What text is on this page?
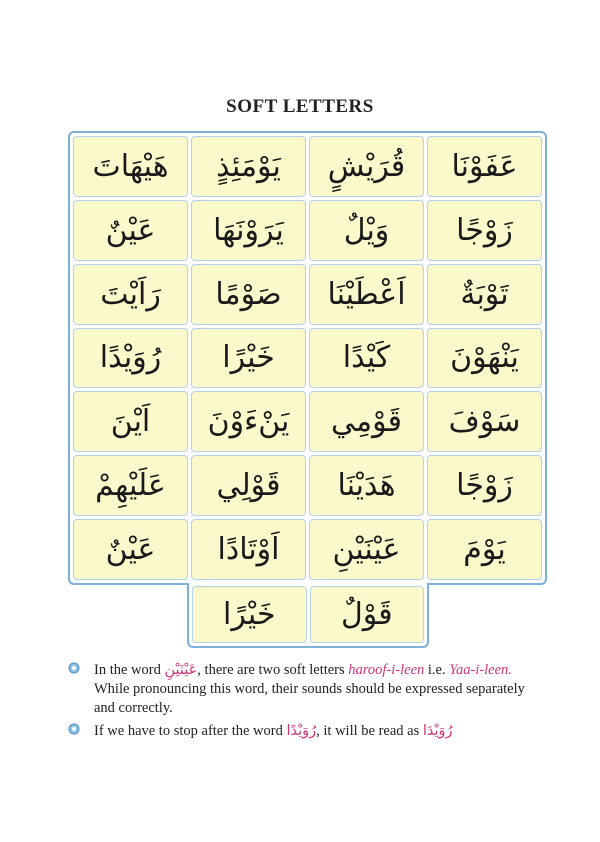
SOFT LETTERS
هَيْهَاتَ	يَوْمَئِذٍ	قُرَيْشٍ	عَفَوْنَا
عَيْنٌ	يَرَوْنَهَا	وَيْلٌ	زَوْجًا
رَاَيْتَ	صَوْمًا	اَعْطَيْنَا	تَوْبَةٌ
رُوَيْدًا	خَيْرًا	كَيْدًا	يَنْهَوْنَ
اَيْنَ	يَنْءَوْنَ	قَوْمِي	سَوْفَ
عَلَيْهِمْ	قَوْلِي	هَدَيْنَا	زَوْجًا
عَيْنٌ	اَوْتَادًا	عَيْنَيْنِ	يَوْمَ
خَيْرًا	قَوْلٌ
In the word عَيْنَيْنِ, there are two soft letters haroof-i-leen i.e. Yaa-i-leen. While pronouncing this word, their sounds should be expressed separately and correctly.
If we have to stop after the word رُوَيْدًا, it will be read as رُوَيْدَا
